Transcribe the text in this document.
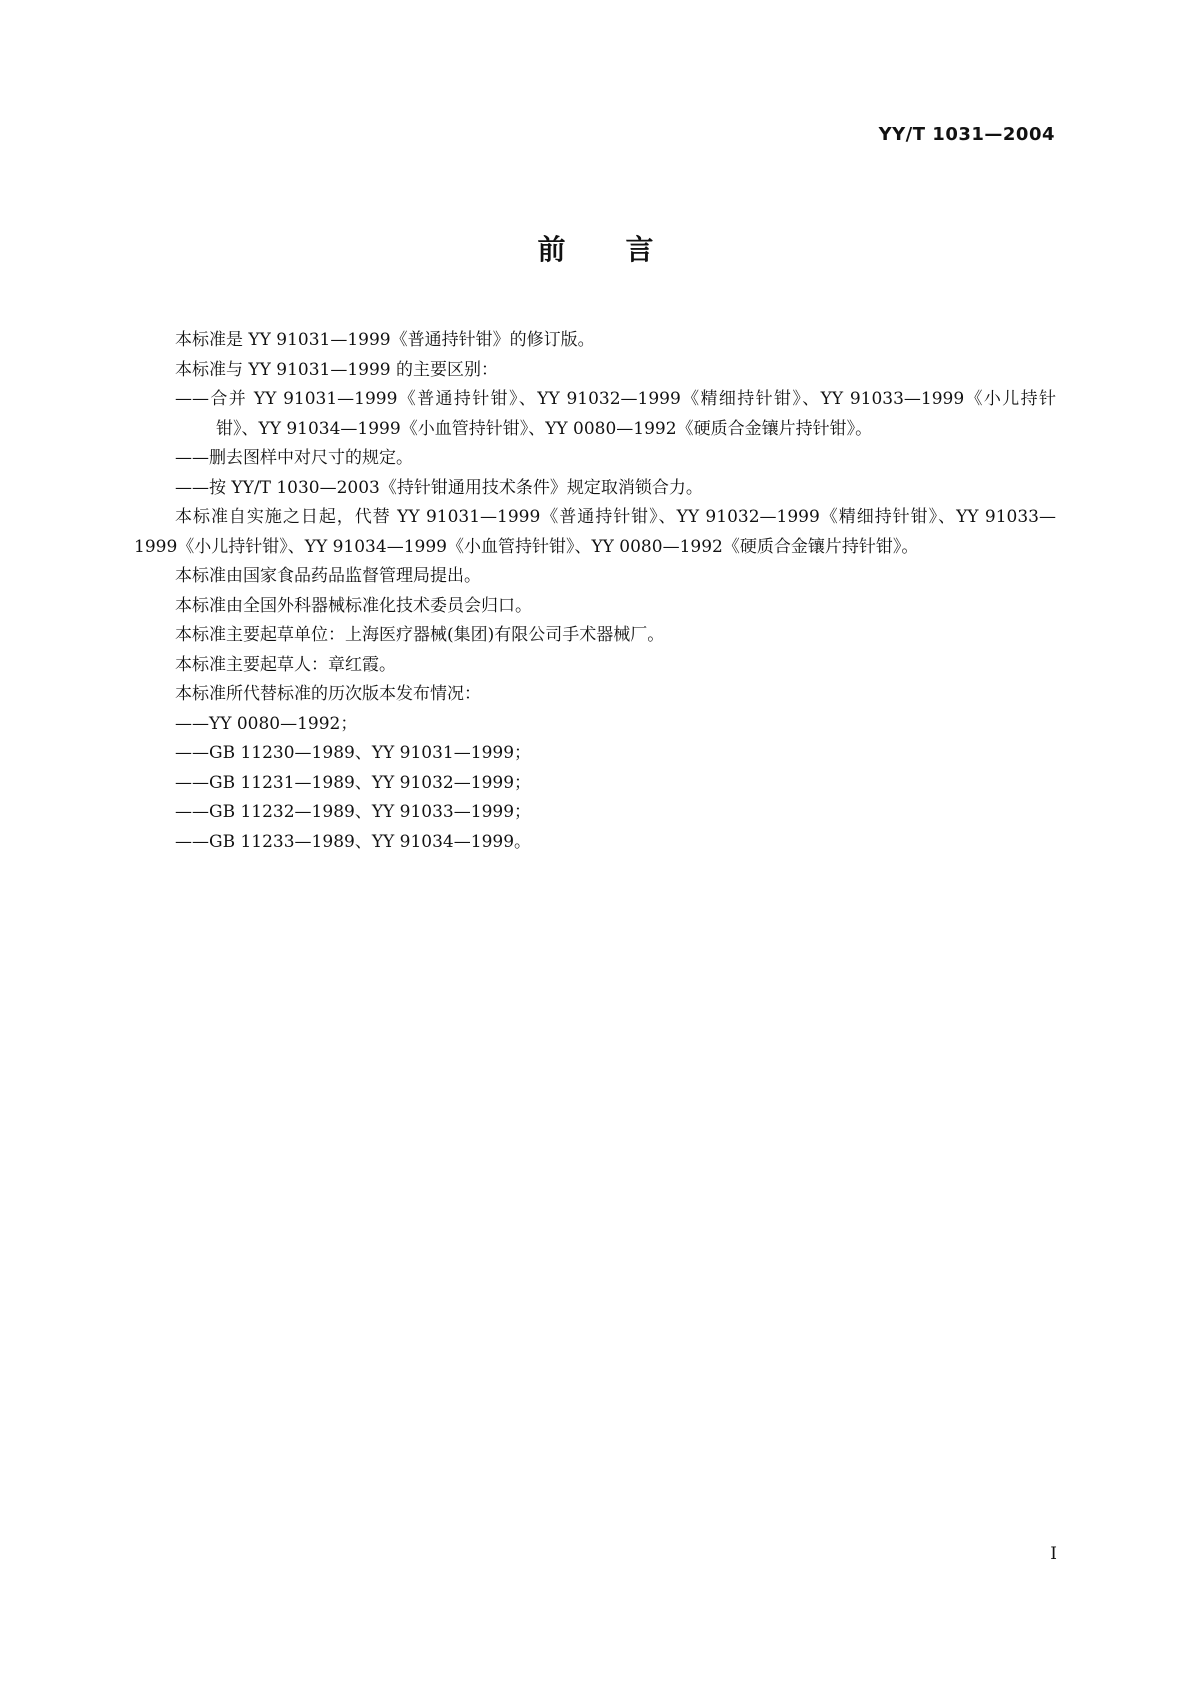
YY/T 1031—2004
前言

本标准是 YY 91031—1999《普通持针钳》的修订版。

本标准与 YY 91031—1999 的主要区别：

——合并 YY 91031—1999《普通持针钳》、YY 91032—1999《精细持针钳》、YY 91033—1999《小儿持针钳》、YY 91034—1999《小血管持针钳》、YY 0080—1992《硬质合金镶片持针钳》。

——删去图样中对尺寸的规定。

——按 YY/T 1030—2003《持针钳通用技术条件》规定取消锁合力。

本标准自实施之日起，代替 YY 91031—1999《普通持针钳》、YY 91032—1999《精细持针钳》、YY 91033—1999《小儿持针钳》、YY 91034—1999《小血管持针钳》、YY 0080—1992《硬质合金镶片持针钳》。

本标准由国家食品药品监督管理局提出。

本标准由全国外科器械标准化技术委员会归口。

本标准主要起草单位：上海医疗器械(集团)有限公司手术器械厂。

本标准主要起草人：章红霞。

本标准所代替标准的历次版本发布情况：

——YY 0080—1992；

——GB 11230—1989、YY 91031—1999；

——GB 11231—1989、YY 91032—1999；

——GB 11232—1989、YY 91033—1999；

——GB 11233—1989、YY 91034—1999。

I
